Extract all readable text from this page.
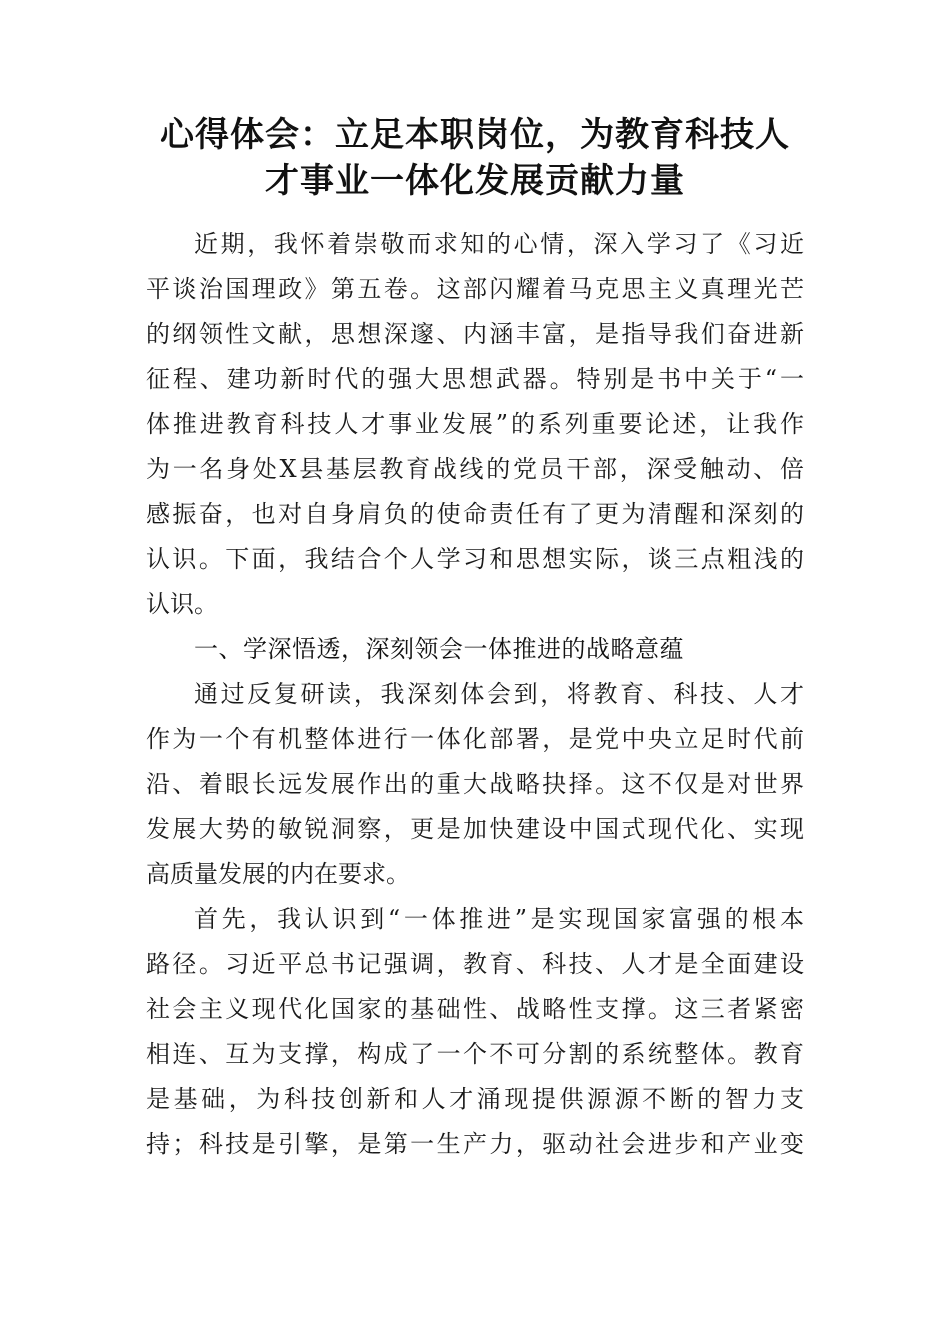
心得体会：立足本职岗位，为教育科技人
才事业一体化发展贡献力量
近期，我怀着崇敬而求知的心情，深入学习了《习近
平谈治国理政》第五卷。这部闪耀着马克思主义真理光芒
的纲领性文献，思想深邃、内涵丰富，是指导我们奋进新
征程、建功新时代的强大思想武器。特别是书中关于“一
体推进教育科技人才事业发展”的系列重要论述，让我作
为一名身处X县基层教育战线的党员干部，深受触动、倍
感振奋，也对自身肩负的使命责任有了更为清醒和深刻的
认识。下面，我结合个人学习和思想实际，谈三点粗浅的
认识。
一、学深悟透，深刻领会一体推进的战略意蕴
通过反复研读，我深刻体会到，将教育、科技、人才
作为一个有机整体进行一体化部署，是党中央立足时代前
沿、着眼长远发展作出的重大战略抉择。这不仅是对世界
发展大势的敏锐洞察，更是加快建设中国式现代化、实现
高质量发展的内在要求。
首先，我认识到“一体推进”是实现国家富强的根本
路径。习近平总书记强调，教育、科技、人才是全面建设
社会主义现代化国家的基础性、战略性支撑。这三者紧密
相连、互为支撑，构成了一个不可分割的系统整体。教育
是基础，为科技创新和人才涌现提供源源不断的智力支
持；科技是引擎，是第一生产力，驱动社会进步和产业变
